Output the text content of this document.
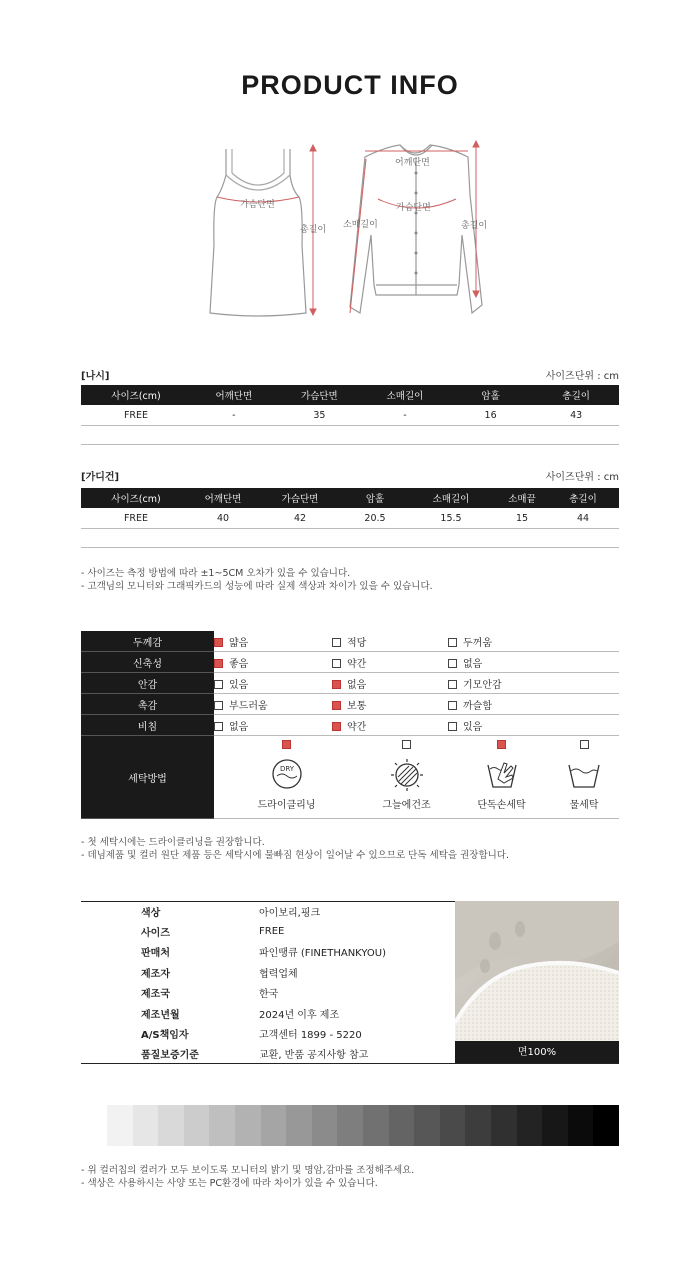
PRODUCT INFO
가슴단면
총길이
어깨단면
가슴단면
소매길이	총길이
[나시]	사이즈단위 : cm
사이즈(cm)	어깨단면	가슴단면	소매길이	암홀	총길이
FREE	-	35	-	16	43

[가디건]	사이즈단위 : cm
사이즈(cm)	어깨단면	가슴단면	암홀	소매길이	소매끝	총길이
FREE	40	42	20.5	15.5	15	44

- 사이즈는 측정 방법에 따라 ±1~5CM 오차가 있을 수 있습니다.
- 고객님의 모니터와 그래픽카드의 성능에 따라 실제 색상과 차이가 있을 수 있습니다.
두께감	얇음	적당	두꺼움
신축성	좋음	약간	없음
안감	있음	없음	기모안감
촉감	부드러움	보통	까슬함
비침	없음	약간	있음
세탁방법	DRY
드라이클리닝 그늘에건조 단독손세탁 물세탁		
- 첫 세탁시에는 드라이클리닝을 권장합니다.
- 데님제품 및 컬러 원단 제품 등은 세탁시에 물빠짐 현상이 일어날 수 있으므로 단독 세탁을 권장합니다.
색상	아이보리,핑크
사이즈	FREE
판매처	파인땡큐 (FINETHANKYOU)
제조자	협력업체
제조국	한국
제조년월	2024년 이후 제조
A/S책임자	고객센터 1899 - 5220
품질보증기준	교환, 반품 공지사항 참고	면100%
- 위 컬러칩의 컬러가 모두 보이도록 모니터의 밝기 및 명암,감마를 조정해주세요.
- 색상은 사용하시는 사양 또는 PC환경에 따라 차이가 있을 수 있습니다.
